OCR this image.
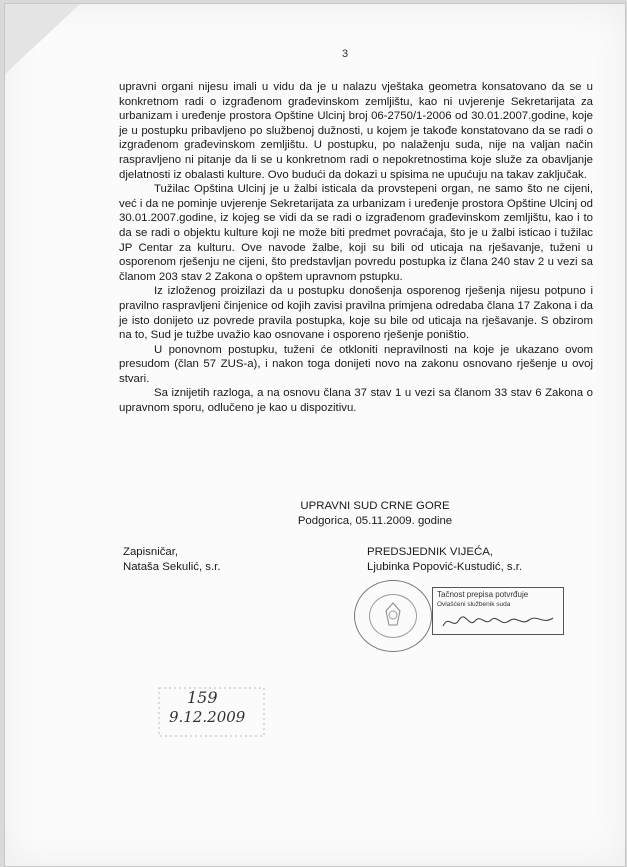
3

upravni organi nijesu imali u vidu da je u nalazu vještaka geometra konsatovano da se u konkretnom radi o izgrađenom građevinskom zemljištu, kao ni uvjerenje Sekretarijata za urbanizam i uređenje prostora Opštine Ulcinj broj 06-2750/1-2006 od 30.01.2007.godine, koje je u postupku pribavljeno po službenoj dužnosti, u kojem je takođe konstatovano da se radi o izgrađenom građevinskom zemljištu. U postupku, po nalaženju suda, nije na valjan način raspravljeno ni pitanje da li se u konkretnom radi o nepokretnostima koje služe za obavljanje djelatnosti iz obalasti kulture. Ovo budući da dokazi u spisima ne upućuju na takav zaključak.

Tužilac Opština Ulcinj je u žalbi isticala da provstepeni organ, ne samo što ne cijeni, već i da ne pominje uvjerenje Sekretarijata za urbanizam i uređenje prostora Opštine Ulcinj od 30.01.2007.godine, iz kojeg se vidi da se radi o izgrađenom građevinskom zemljištu, kao i to da se radi o objektu kulture koji ne može biti predmet povraćaja, što je u žalbi isticao i tužilac JP Centar za kulturu. Ove navode žalbe, koji su bili od uticaja na rješavanje, tuženi u osporenom rješenju ne cijeni, što predstavljan povredu postupka iz člana 240 stav 2 u vezi sa članom 203 stav 2 Zakona o opštem upravnom pstupku.

Iz izloženog proizilazi da u postupku donošenja osporenog rješenja nijesu potpuno i pravilno raspravljeni činjenice od kojih zavisi pravilna primjena odredaba člana 17 Zakona i da je isto donijeto uz povrede pravila postupka, koje su bile od uticaja na rješavanje. S obzirom na to, Sud je tužbe uvažio kao osnovane i osporeno rješenje poništio.

U ponovnom postupku, tuženi će otkloniti nepravilnosti na koje je ukazano ovom presudom (član 57 ZUS-a), i nakon toga donijeti novo na zakonu osnovano rješenje u ovoj stvari.

Sa iznijetih razloga, a na osnovu člana 37 stav 1 u vezi sa članom 33 stav 6 Zakona o upravnom sporu, odlučeno je kao u dispozitivu.

UPRAVNI SUD CRNE GORE
Podgorica, 05.11.2009. godine
Zapisničar,
Nataša Sekulić, s.r.
PREDSJEDNIK VIJEĆA,
Ljubinka Popović-Kustudić, s.r.
Tačnost prepisa potvrđuje
Ovlašćeni službenik suda
159
9.12.2009
